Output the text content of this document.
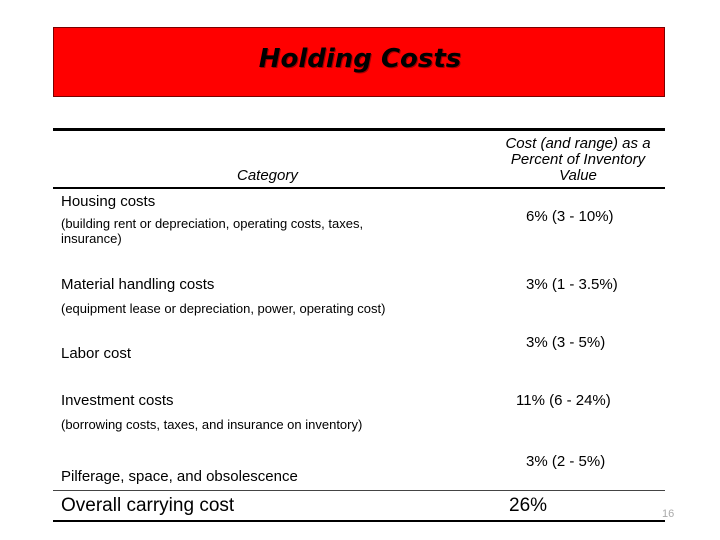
Holding Costs
Category
Cost (and range) as a
Percent of Inventory
Value
Housing costs
(building rent or depreciation, operating costs, taxes,
insurance)
6% (3 - 10%)
Material handling costs
(equipment lease or depreciation, power, operating cost)
3% (1 - 3.5%)
Labor cost
3% (3 - 5%)
Investment costs
(borrowing costs, taxes, and insurance on inventory)
11% (6 - 24%)
Pilferage, space, and obsolescence
3% (2 - 5%)
Overall carrying cost	26%	16
